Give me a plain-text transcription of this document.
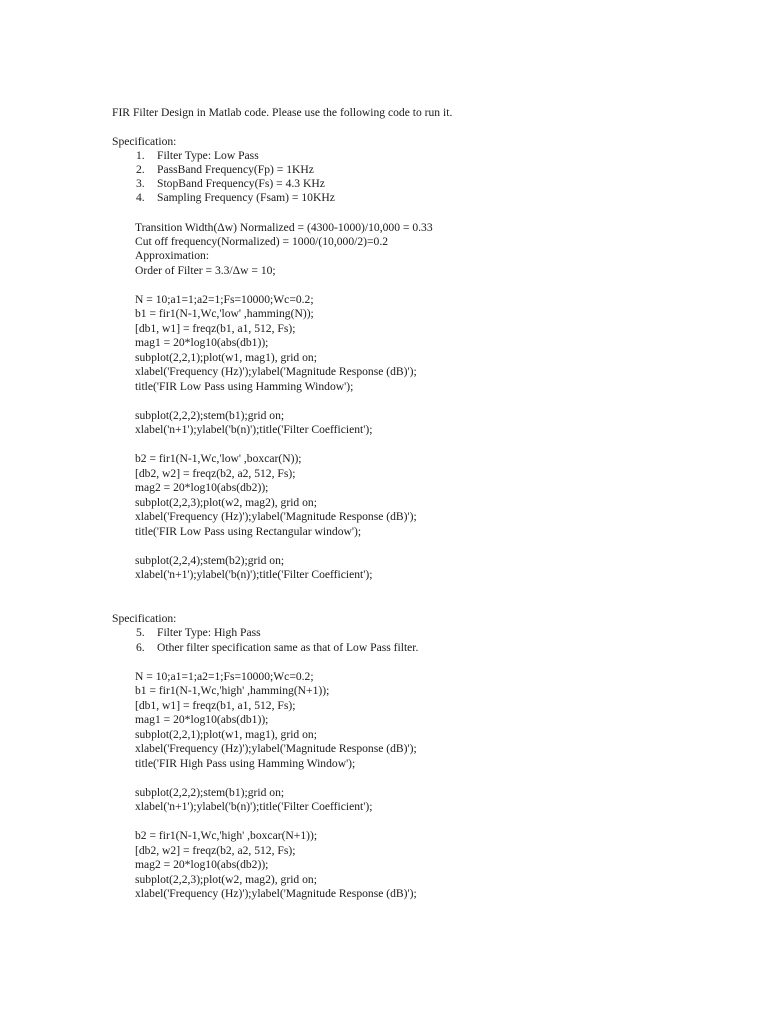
FIR Filter Design in Matlab code. Please use the following code to run it.
Specification:
1. Filter Type: Low Pass
2. PassBand Frequency(Fp) = 1KHz
3. StopBand Frequency(Fs) = 4.3 KHz
4. Sampling Frequency (Fsam) = 10KHz
Transition Width(Δw) Normalized = (4300-1000)/10,000 = 0.33
Cut off frequency(Normalized) = 1000/(10,000/2)=0.2
Approximation:
Order of Filter = 3.3/Δw = 10;
N = 10;a1=1;a2=1;Fs=10000;Wc=0.2;
b1 = fir1(N-1,Wc,'low' ,hamming(N));
[db1, w1] = freqz(b1, a1, 512, Fs);
mag1 = 20*log10(abs(db1));
subplot(2,2,1);plot(w1, mag1), grid on;
xlabel('Frequency (Hz)');ylabel('Magnitude Response (dB)');
title('FIR Low Pass using Hamming Window');
subplot(2,2,2);stem(b1);grid on;
xlabel('n+1');ylabel('b(n)');title('Filter Coefficient');
b2 = fir1(N-1,Wc,'low' ,boxcar(N));
[db2, w2] = freqz(b2, a2, 512, Fs);
mag2 = 20*log10(abs(db2));
subplot(2,2,3);plot(w2, mag2), grid on;
xlabel('Frequency (Hz)');ylabel('Magnitude Response (dB)');
title('FIR Low Pass using Rectangular window');
subplot(2,2,4);stem(b2);grid on;
xlabel('n+1');ylabel('b(n)');title('Filter Coefficient');
Specification:
5. Filter Type: High Pass
6. Other filter specification same as that of Low Pass filter.
N = 10;a1=1;a2=1;Fs=10000;Wc=0.2;
b1 = fir1(N-1,Wc,'high' ,hamming(N+1));
[db1, w1] = freqz(b1, a1, 512, Fs);
mag1 = 20*log10(abs(db1));
subplot(2,2,1);plot(w1, mag1), grid on;
xlabel('Frequency (Hz)');ylabel('Magnitude Response (dB)');
title('FIR High Pass using Hamming Window');
subplot(2,2,2);stem(b1);grid on;
xlabel('n+1');ylabel('b(n)');title('Filter Coefficient');
b2 = fir1(N-1,Wc,'high' ,boxcar(N+1));
[db2, w2] = freqz(b2, a2, 512, Fs);
mag2 = 20*log10(abs(db2));
subplot(2,2,3);plot(w2, mag2), grid on;
xlabel('Frequency (Hz)');ylabel('Magnitude Response (dB)');
